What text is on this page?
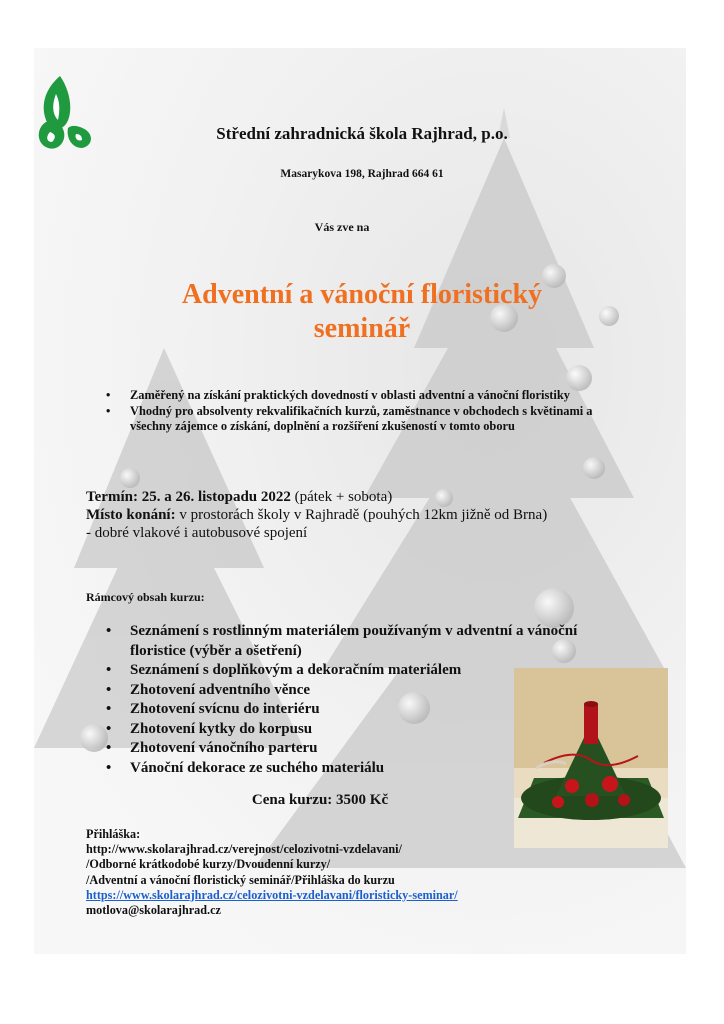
Střední zahradnická škola Rajhrad, p.o.
Masarykova 198, Rajhrad 664 61
Vás zve na
Adventní a vánoční floristický
seminář
• Zaměřený na získání praktických dovedností v oblasti adventní a vánoční floristiky
• Vhodný pro absolventy rekvalifikačních kurzů, zaměstnance v obchodech s květinami a všechny zájemce o získání, doplnění a rozšíření zkušeností v tomto oboru
Termín: 25. a 26. listopadu 2022 (pátek + sobota)
Místo konání: v prostorách školy v Rajhradě (pouhých 12km jižně od Brna)
- dobré vlakové i autobusové spojení
Rámcový obsah kurzu:
• Seznámení s rostlinným materiálem používaným v adventní a vánoční floristice (výběr a ošetření)
• Seznámení s doplňkovým a dekoračním materiálem
• Zhotovení adventního věnce
• Zhotovení svícnu do interiéru
• Zhotovení kytky do korpusu
• Zhotovení vánočního parteru
• Vánoční dekorace ze suchého materiálu
Cena kurzu: 3500 Kč
Přihláška:
http://www.skolarajhrad.cz/verejnost/celozivotni-vzdelavani/
/Odborné krátkodobé kurzy/Dvoudenní kurzy/
/Adventní a vánoční floristický seminář/Přihláška do kurzu
https://www.skolarajhrad.cz/celozivotni-vzdelavani/floristicky-seminar/
motlova@skolarajhrad.cz
